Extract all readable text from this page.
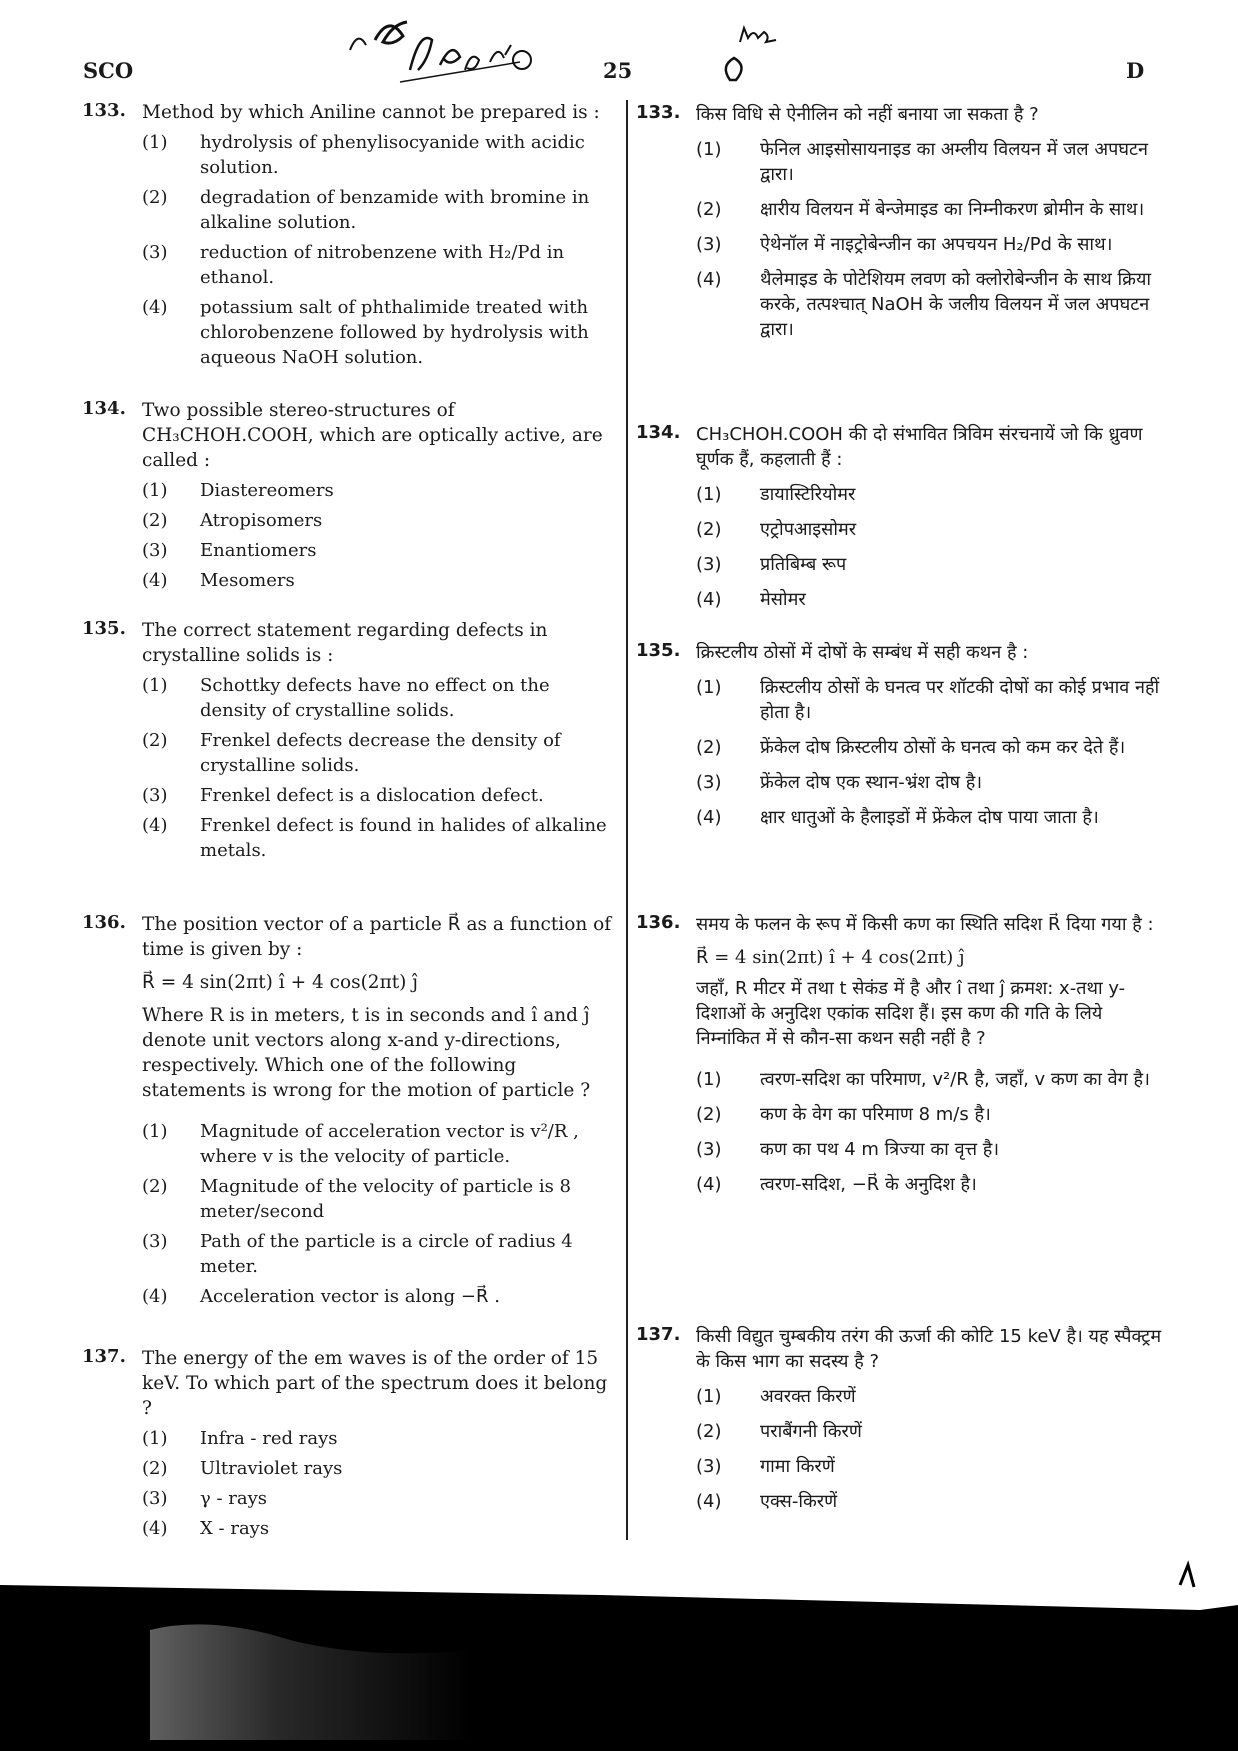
SCO	25	D
133. Method by which Aniline cannot be prepared is :
(1) hydrolysis of phenylisocyanide with acidic solution.
(2) degradation of benzamide with bromine in alkaline solution.
(3) reduction of nitrobenzene with H₂/Pd in ethanol.
(4) potassium salt of phthalimide treated with chlorobenzene followed by hydrolysis with aqueous NaOH solution.
134. Two possible stereo-structures of CH₃CHOH.COOH, which are optically active, are called :
(1) Diastereomers
(2) Atropisomers
(3) Enantiomers
(4) Mesomers
135. The correct statement regarding defects in crystalline solids is :
(1) Schottky defects have no effect on the density of crystalline solids.
(2) Frenkel defects decrease the density of crystalline solids.
(3) Frenkel defect is a dislocation defect.
(4) Frenkel defect is found in halides of alkaline metals.
136. The position vector of a particle R⃗ as a function of time is given by :
R⃗ = 4 sin(2πt) î + 4 cos(2πt) ĵ
Where R is in meters, t is in seconds and î and ĵ denote unit vectors along x-and y-directions, respectively. Which one of the following statements is wrong for the motion of particle ?
(1) Magnitude of acceleration vector is v²/R , where v is the velocity of particle.
(2) Magnitude of the velocity of particle is 8 meter/second
(3) Path of the particle is a circle of radius 4 meter.
(4) Acceleration vector is along −R⃗ .
137. The energy of the em waves is of the order of 15 keV. To which part of the spectrum does it belong ?
(1) Infra - red rays
(2) Ultraviolet rays
(3) γ - rays
(4) X - rays
133. किस विधि से ऐनीलिन को नहीं बनाया जा सकता है ?
(1) फेनिल आइसोसायनाइड का अम्लीय विलयन में जल अपघटन द्वारा।
(2) क्षारीय विलयन में बेन्जेमाइड का निम्नीकरण ब्रोमीन के साथ।
(3) ऐथेनॉल में नाइट्रोबेन्जीन का अपचयन H₂/Pd के साथ।
(4) थैलेमाइड के पोटेशियम लवण को क्लोरोबेन्जीन के साथ क्रिया करके, तत्पश्चात् NaOH के जलीय विलयन में जल अपघटन द्वारा।
134. CH₃CHOH.COOH की दो संभावित त्रिविम संरचनायें जो कि ध्रुवण घूर्णक हैं, कहलाती हैं :
(1) डायास्टिरियोमर
(2) एट्रोपआइसोमर
(3) प्रतिबिम्ब रूप
(4) मेसोमर
135. क्रिस्टलीय ठोसों में दोषों के सम्बंध में सही कथन है :
(1) क्रिस्टलीय ठोसों के घनत्व पर शॉटकी दोषों का कोई प्रभाव नहीं होता है।
(2) फ्रेंकेल दोष क्रिस्टलीय ठोसों के घनत्व को कम कर देते हैं।
(3) फ्रेंकेल दोष एक स्थान-भ्रंश दोष है।
(4) क्षार धातुओं के हैलाइडों में फ्रेंकेल दोष पाया जाता है।
136. समय के फलन के रूप में किसी कण का स्थिति सदिश R⃗ दिया गया है :
R⃗ = 4 sin(2πt) î + 4 cos(2πt) ĵ
जहाँ, R मीटर में तथा t सेकंड में है और î तथा ĵ क्रमश: x-तथा y-दिशाओं के अनुदिश एकांक सदिश हैं। इस कण की गति के लिये निम्नांकित में से कौन-सा कथन सही नहीं है ?
(1) त्वरण-सदिश का परिमाण, v²/R है, जहाँ, v कण का वेग है।
(2) कण के वेग का परिमाण 8 m/s है।
(3) कण का पथ 4 m त्रिज्या का वृत्त है।
(4) त्वरण-सदिश, −R⃗ के अनुदिश है।
137. किसी विद्युत चुम्बकीय तरंग की ऊर्जा की कोटि 15 keV है। यह स्पैक्ट्रम के किस भाग का सदस्य है ?
(1) अवरक्त किरणें
(2) पराबैंगनी किरणें
(3) गामा किरणें
(4) एक्स-किरणें
